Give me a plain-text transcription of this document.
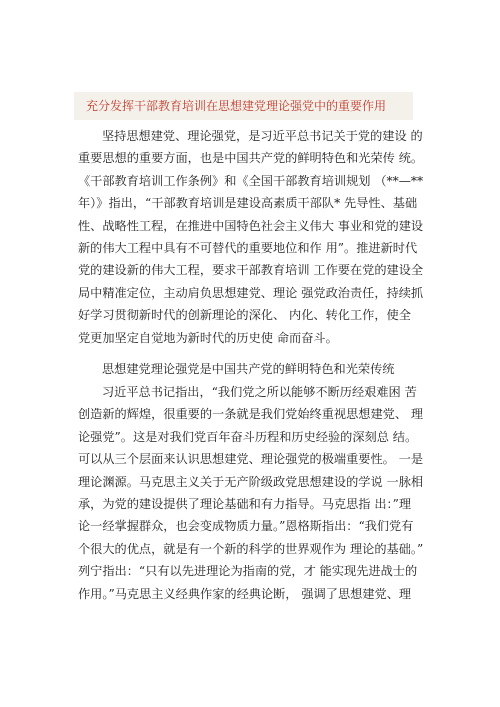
充分发挥干部教育培训在思想建党理论强党中的重要作用
坚持思想建党、理论强党，是习近平总书记关于党的建设 的
重要思想的重要方面，也是中国共产党的鲜明特色和光荣传 统。
《干部教育培训工作条例》和《全国干部教育培训规划 （**—**
年）》指出，“干部教育培训是建设高素质干部队* 先导性、基础
性、战略性工程，在推进中国特色社会主义伟大 事业和党的建设
新的伟大工程中具有不可替代的重要地位和作 用”。推进新时代
党的建设新的伟大工程，要求干部教育培训 工作要在党的建设全
局中精准定位，主动肩负思想建党、理论 强党政治责任，持续抓
好学习贯彻新时代的创新理论的深化、 内化、转化工作，使全
党更加坚定自觉地为新时代的历史使 命而奋斗。
思想建党理论强党是中国共产党的鲜明特色和光荣传统
习近平总书记指出，“我们党之所以能够不断历经艰难困 苦
创造新的辉煌，很重要的一条就是我们党始终重视思想建党、 理
论强党”。这是对我们党百年奋斗历程和历史经验的深刻总 结。
可以从三个层面来认识思想建党、理论强党的极端重要性。 一是
理论渊源。马克思主义关于无产阶级政党思想建设的学说 一脉相
承，为党的建设提供了理论基础和有力指导。马克思指 出：”理
论一经掌握群众，也会变成物质力量。”恩格斯指出：“我们党有
个很大的优点，就是有一个新的科学的世界观作为 理论的基础。”
列宁指出：“只有以先进理论为指南的党，才 能实现先进战士的
作用。”马克思主义经典作家的经典论断， 强调了思想建党、理
